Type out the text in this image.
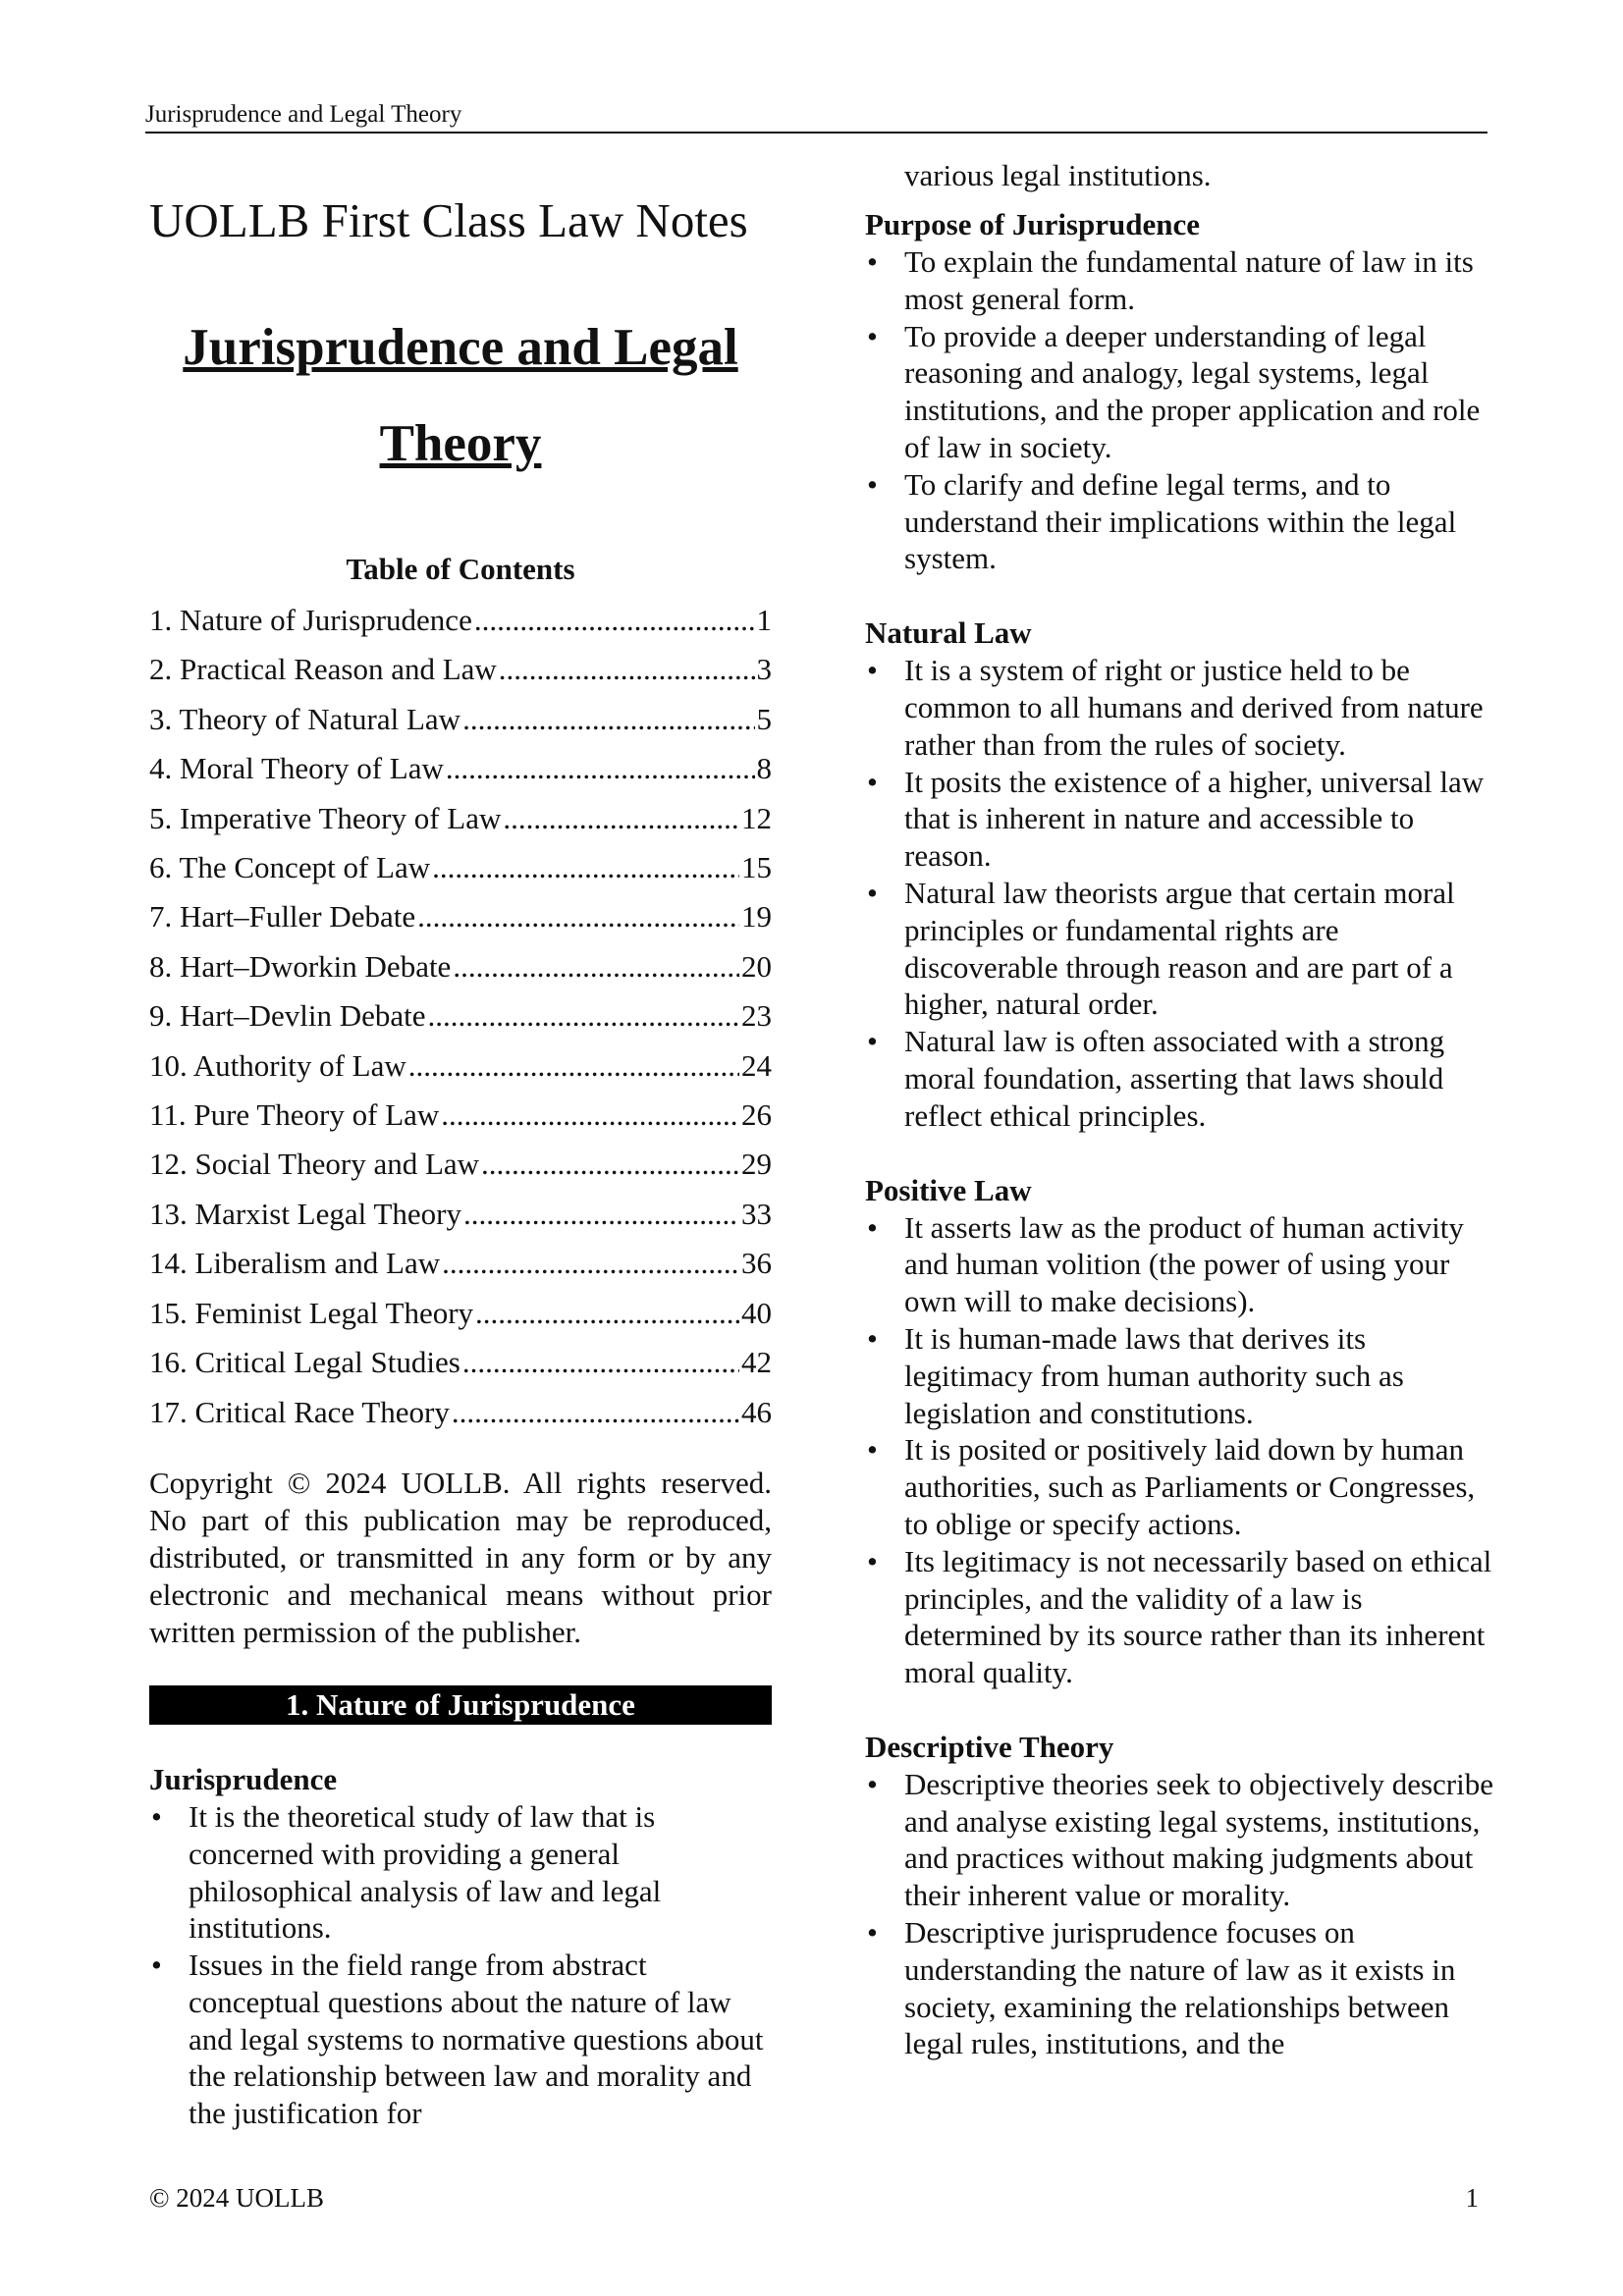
Jurisprudence and Legal Theory
UOLLB First Class Law Notes
Jurisprudence and Legal
Theory
Table of Contents
1. Nature of Jurisprudence .....	1
2. Practical Reason and Law .....	3
3. Theory of Natural Law .....	5
4. Moral Theory of Law .....	8
5. Imperative Theory of Law .....	12
6. The Concept of Law .....	15
7. Hart–Fuller Debate .....	19
8. Hart–Dworkin Debate .....	20
9. Hart–Devlin Debate .....	23
10. Authority of Law .....	24
11. Pure Theory of Law .....	26
12. Social Theory and Law .....	29
13. Marxist Legal Theory .....	33
14. Liberalism and Law .....	36
15. Feminist Legal Theory .....	40
16. Critical Legal Studies .....	42
17. Critical Race Theory .....	46

Copyright © 2024 UOLLB. All rights reserved. No part of this publication may be reproduced, distributed, or transmitted in any form or by any electronic and mechanical means without prior written permission of the publisher.

1. Nature of Jurisprudence
Jurisprudence
• It is the theoretical study of law that is concerned with providing a general philosophical analysis of law and legal institutions.
• Issues in the field range from abstract conceptual questions about the nature of law and legal systems to normative questions about the relationship between law and morality and the justification for

various legal institutions.

Purpose of Jurisprudence
• To explain the fundamental nature of law in its most general form.
• To provide a deeper understanding of legal reasoning and analogy, legal systems, legal institutions, and the proper application and role of law in society.
• To clarify and define legal terms, and to understand their implications within the legal system.
Natural Law
• It is a system of right or justice held to be common to all humans and derived from nature rather than from the rules of society.
• It posits the existence of a higher, universal law that is inherent in nature and accessible to reason.
• Natural law theorists argue that certain moral principles or fundamental rights are discoverable through reason and are part of a higher, natural order.
• Natural law is often associated with a strong moral foundation, asserting that laws should reflect ethical principles.
Positive Law
• It asserts law as the product of human activity and human volition (the power of using your own will to make decisions).
• It is human-made laws that derives its legitimacy from human authority such as legislation and constitutions.
• It is posited or positively laid down by human authorities, such as Parliaments or Congresses, to oblige or specify actions.
• Its legitimacy is not necessarily based on ethical principles, and the validity of a law is determined by its source rather than its inherent moral quality.
Descriptive Theory
• Descriptive theories seek to objectively describe and analyse existing legal systems, institutions, and practices without making judgments about their inherent value or morality.
• Descriptive jurisprudence focuses on understanding the nature of law as it exists in society, examining the relationships between legal rules, institutions, and the
© 2024 UOLLB	1
